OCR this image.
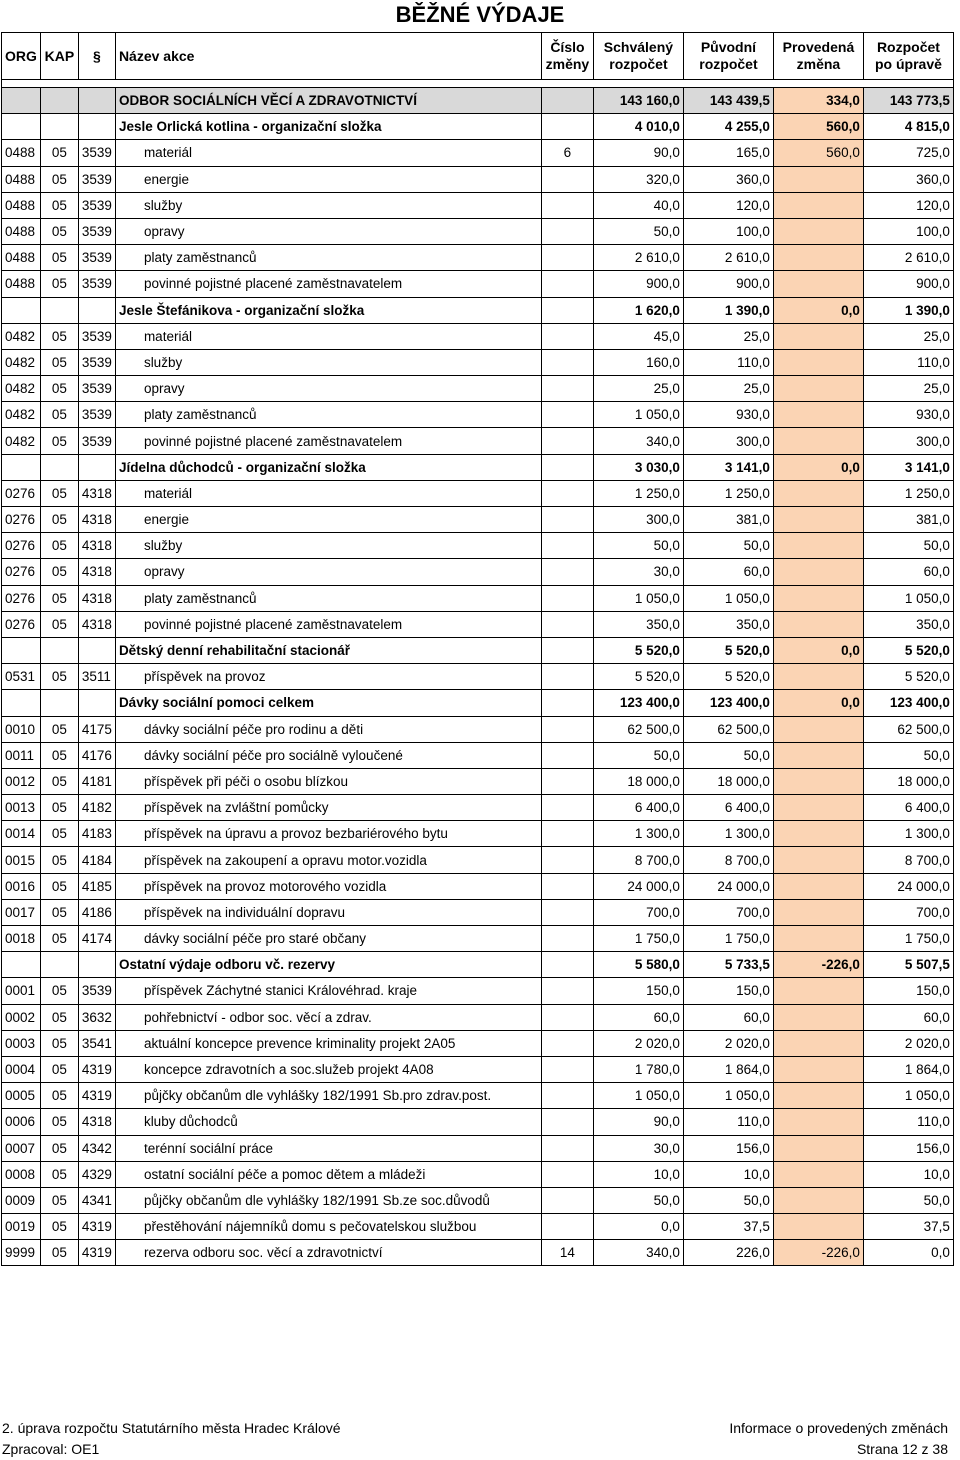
BĚŽNÉ VÝDAJE
ORG	KAP	§	Název akce	Číslo změny	Schválený rozpočet	Původní rozpočet	Provedená změna	Rozpočet po úpravě

			ODBOR SOCIÁLNÍCH VĚCÍ A ZDRAVOTNICTVÍ		143 160,0	143 439,5	334,0	143 773,5
			Jesle Orlická kotlina - organizační složka		4 010,0	4 255,0	560,0	4 815,0
0488	05	3539	materiál	6	90,0	165,0	560,0	725,0
0488	05	3539	energie		320,0	360,0		360,0
0488	05	3539	služby		40,0	120,0		120,0
0488	05	3539	opravy		50,0	100,0		100,0
0488	05	3539	platy zaměstnanců		2 610,0	2 610,0		2 610,0
0488	05	3539	povinné pojistné placené zaměstnavatelem		900,0	900,0		900,0
			Jesle Štefánikova - organizační složka		1 620,0	1 390,0	0,0	1 390,0
0482	05	3539	materiál		45,0	25,0		25,0
0482	05	3539	služby		160,0	110,0		110,0
0482	05	3539	opravy		25,0	25,0		25,0
0482	05	3539	platy zaměstnanců		1 050,0	930,0		930,0
0482	05	3539	povinné pojistné placené zaměstnavatelem		340,0	300,0		300,0
			Jídelna důchodců - organizační složka		3 030,0	3 141,0	0,0	3 141,0
0276	05	4318	materiál		1 250,0	1 250,0		1 250,0
0276	05	4318	energie		300,0	381,0		381,0
0276	05	4318	služby		50,0	50,0		50,0
0276	05	4318	opravy		30,0	60,0		60,0
0276	05	4318	platy zaměstnanců		1 050,0	1 050,0		1 050,0
0276	05	4318	povinné pojistné placené zaměstnavatelem		350,0	350,0		350,0
			Dětský denní rehabilitační stacionář		5 520,0	5 520,0	0,0	5 520,0
0531	05	3511	příspěvek na provoz		5 520,0	5 520,0		5 520,0
			Dávky sociální pomoci celkem		123 400,0	123 400,0	0,0	123 400,0
0010	05	4175	dávky sociální péče pro rodinu a děti		62 500,0	62 500,0		62 500,0
0011	05	4176	dávky sociální péče pro sociálně vyloučené		50,0	50,0		50,0
0012	05	4181	příspěvek při péči o osobu blízkou		18 000,0	18 000,0		18 000,0
0013	05	4182	příspěvek na zvláštní pomůcky		6 400,0	6 400,0		6 400,0
0014	05	4183	příspěvek na úpravu a provoz bezbariérového bytu		1 300,0	1 300,0		1 300,0
0015	05	4184	příspěvek na zakoupení a opravu motor.vozidla		8 700,0	8 700,0		8 700,0
0016	05	4185	příspěvek na provoz motorového vozidla		24 000,0	24 000,0		24 000,0
0017	05	4186	příspěvek na individuální dopravu		700,0	700,0		700,0
0018	05	4174	dávky sociální péče pro staré občany		1 750,0	1 750,0		1 750,0
			Ostatní výdaje odboru vč. rezervy		5 580,0	5 733,5	-226,0	5 507,5
0001	05	3539	příspěvek Záchytné stanici Královéhrad. kraje		150,0	150,0		150,0
0002	05	3632	pohřebnictví - odbor soc. věcí a zdrav.		60,0	60,0		60,0
0003	05	3541	aktuální koncepce prevence kriminality projekt 2A05		2 020,0	2 020,0		2 020,0
0004	05	4319	koncepce zdravotních a soc.služeb projekt 4A08		1 780,0	1 864,0		1 864,0
0005	05	4319	půjčky občanům dle vyhlášky 182/1991 Sb.pro zdrav.post.		1 050,0	1 050,0		1 050,0
0006	05	4318	kluby důchodců		90,0	110,0		110,0
0007	05	4342	terénní sociální práce		30,0	156,0		156,0
0008	05	4329	ostatní sociální péče a pomoc dětem a mládeži		10,0	10,0		10,0
0009	05	4341	půjčky občanům dle vyhlášky 182/1991 Sb.ze soc.důvodů		50,0	50,0		50,0
0019	05	4319	přestěhování nájemníků domu s pečovatelskou službou		0,0	37,5		37,5
9999	05	4319	rezerva odboru soc. věcí a zdravotnictví	14	340,0	226,0	-226,0	0,0
2. úprava rozpočtu Statutárního města Hradec Králové	Informace o provedených změnách
Zpracoval: OE1	Strana 12 z 38
